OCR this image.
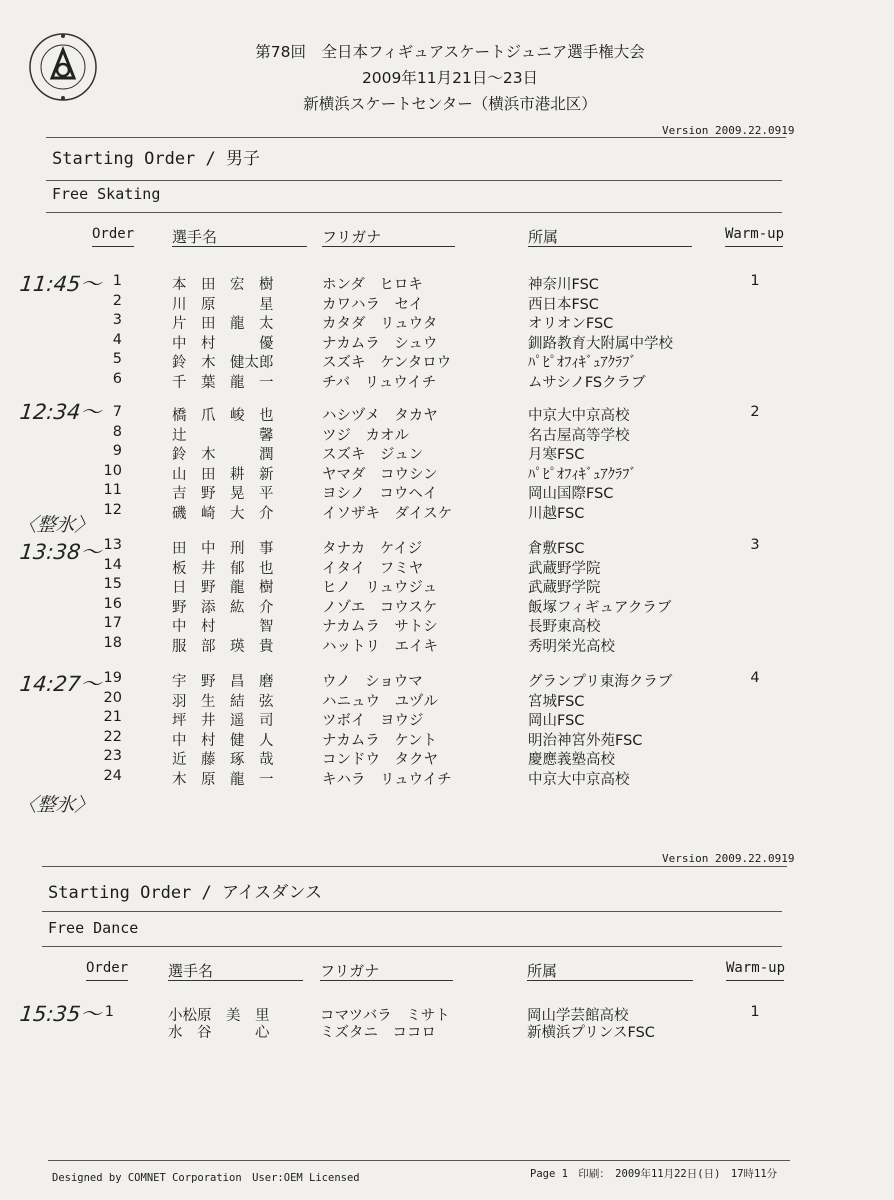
第78回　全日本フィギュアスケートジュニア選手権大会
2009年11月21日～23日
新横浜スケートセンター（横浜市港北区）
Version 2009.22.0919
Starting Order / 男子
Free Skating
Order	選手名	フリガナ	所属	Warm-up
1	本　田　宏　樹	ホンダ　ヒロキ	神奈川FSC	1
2	川　原　　　星	カワハラ　セイ	西日本FSC
3	片　田　龍　太	カタダ　リュウタ	オリオンFSC
4	中　村　　　優	ナカムラ　シュウ	釧路教育大附属中学校
5	鈴　木　健太郎	スズキ　ケンタロウ	ﾊﾟﾋﾟｵﾌｨｷﾞｭｱｸﾗﾌﾞ
6	千　葉　龍　一	チバ　リュウイチ	ムサシノFSクラブ
7	橋　爪　峻　也	ハシヅメ　タカヤ	中京大中京高校	2
8	辻　　　　　馨	ツジ　カオル	名古屋高等学校
9	鈴　木　　　潤	スズキ　ジュン	月寒FSC
10	山　田　耕　新	ヤマダ　コウシン	ﾊﾟﾋﾟｵﾌｨｷﾞｭｱｸﾗﾌﾞ
11	吉　野　晃　平	ヨシノ　コウヘイ	岡山国際FSC
12	磯　崎　大　介	イソザキ　ダイスケ	川越FSC
13	田　中　刑　事	タナカ　ケイジ	倉敷FSC	3
14	板　井　郁　也	イタイ　フミヤ	武蔵野学院
15	日　野　龍　樹	ヒノ　リュウジュ	武蔵野学院
16	野　添　紘　介	ノゾエ　コウスケ	飯塚フィギュアクラブ
17	中　村　　　智	ナカムラ　サトシ	長野東高校
18	服　部　瑛　貴	ハットリ　エイキ	秀明栄光高校
19	宇　野　昌　磨	ウノ　ショウマ	グランプリ東海クラブ	4
20	羽　生　結　弦	ハニュウ　ユヅル	宮城FSC
21	坪　井　遥　司	ツボイ　ヨウジ	岡山FSC
22	中　村　健　人	ナカムラ　ケント	明治神宮外苑FSC
23	近　藤　琢　哉	コンドウ　タクヤ	慶應義塾高校
24	木　原　龍　一	キハラ　リュウイチ	中京大中京高校
11:45～
12:34～
〈整氷〉
13:38～
14:27～
〈整氷〉
Version 2009.22.0919
Starting Order / アイスダンス
Free Dance
Order	選手名	フリガナ	所属	Warm-up
1	小松原　美　里	コマツバラ　ミサト	岡山学芸館高校	1
水　谷　　　心	ミズタニ　ココロ	新横浜プリンスFSC
15:35～
Designed by COMNET Corporation　User:OEM Licensed	Page 1　印刷：　2009年11月22日(日)　17時11分
